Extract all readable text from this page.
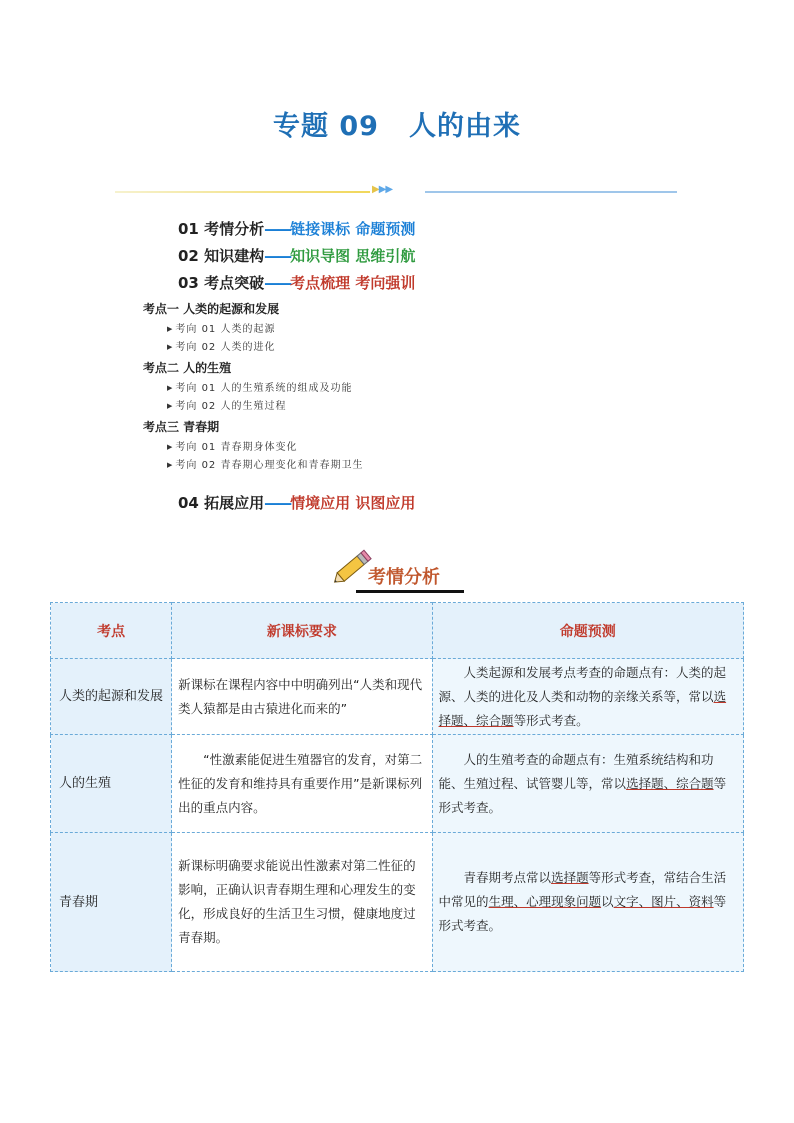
专题 09 人的由来
▶▶▶
01 考情分析——链接课标 命题预测
02 知识建构——知识导图 思维引航
03 考点突破——考点梳理 考向强训
考点一 人类的起源和发展
▶ 考向 01 人类的起源
▶ 考向 02 人类的进化
考点二 人的生殖
▶ 考向 01 人的生殖系统的组成及功能
▶ 考向 02 人的生殖过程
考点三 青春期
▶ 考向 01 青春期身体变化
▶ 考向 02 青春期心理变化和青春期卫生
04 拓展应用——情境应用 识图应用
考情分析
考点	新课标要求	命题预测
人类的起源和发展	新课标在课程内容中中明确列出“人类和现代类人猿都是由古猿进化而来的”	人类起源和发展考点考查的命题点有：人类的起源、人类的进化及人类和动物的亲缘关系等，常以选择题、综合题等形式考查。
人的生殖	“性激素能促进生殖器官的发育，对第二性征的发育和维持具有重要作用”是新课标列出的重点内容。	人的生殖考查的命题点有：生殖系统结构和功能、生殖过程、试管婴儿等，常以选择题、综合题等形式考查。
青春期	新课标明确要求能说出性激素对第二性征的影响，正确认识青春期生理和心理发生的变化，形成良好的生活卫生习惯，健康地度过青春期。	青春期考点常以选择题等形式考查，常结合生活中常见的生理、心理现象问题以文字、图片、资料等形式考查。
